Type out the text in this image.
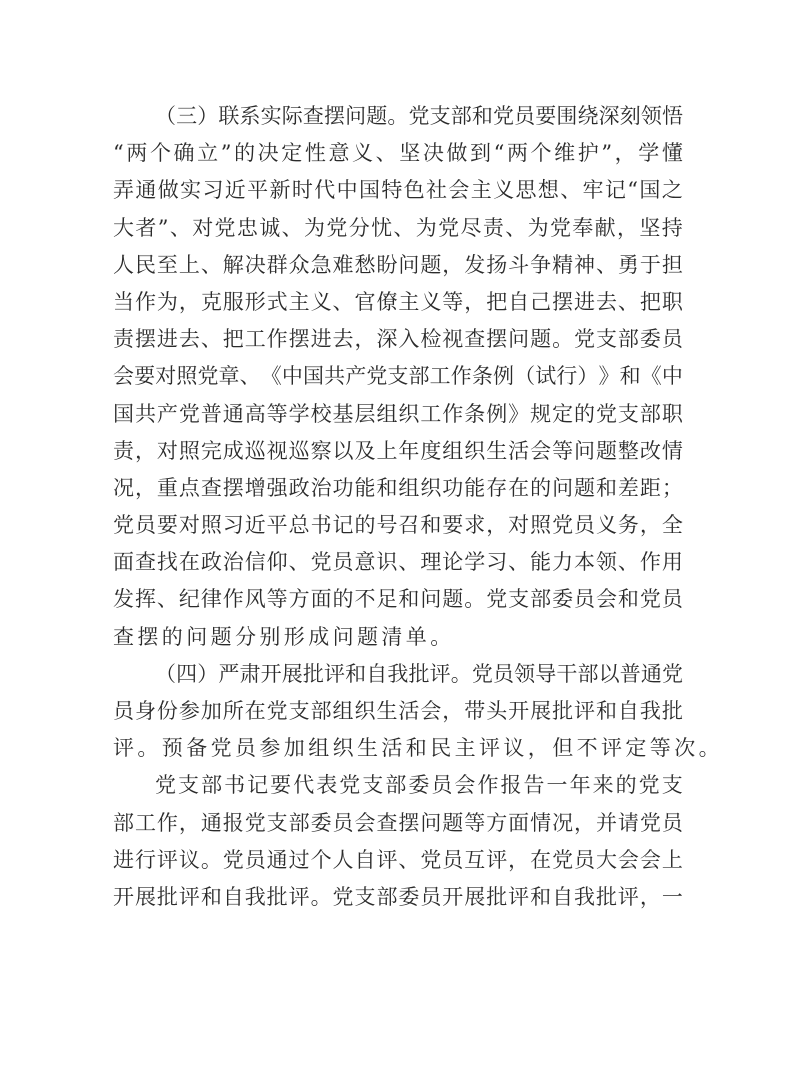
（ 三 ） 联 系 实 际 查 摆 问 题 。 党 支 部 和 党 员 要 围 绕 深 刻 领 悟
“ 两 个 确 立 ” 的 决 定 性 意 义 、 坚 决 做 到 “ 两 个 维 护 ” ， 学 懂
弄 通 做 实 习 近 平 新 时 代 中 国 特 色 社 会 主 义 思 想 、 牢 记 “ 国 之
大 者 ” 、 对 党 忠 诚 、 为 党 分 忧 、 为 党 尽 责 、 为 党 奉 献 ， 坚 持
人 民 至 上 、 解 决 群 众 急 难 愁 盼 问 题 ， 发 扬 斗 争 精 神 、 勇 于 担
当 作 为 ， 克 服 形 式 主 义 、 官 僚 主 义 等 ， 把 自 己 摆 进 去 、 把 职
责 摆 进 去 、 把 工 作 摆 进 去 ， 深 入 检 视 查 摆 问 题 。 党 支 部 委 员
会 要 对 照 党 章 、 《 中 国 共 产 党 支 部 工 作 条 例 （ 试 行 ） 》 和 《 中
国 共 产 党 普 通 高 等 学 校 基 层 组 织 工 作 条 例 》 规 定 的 党 支 部 职
责 ， 对 照 完 成 巡 视 巡 察 以 及 上 年 度 组 织 生 活 会 等 问 题 整 改 情
况 ， 重 点 查 摆 增 强 政 治 功 能 和 组 织 功 能 存 在 的 问 题 和 差 距 ；
党 员 要 对 照 习 近 平 总 书 记 的 号 召 和 要 求 ， 对 照 党 员 义 务 ， 全
面 查 找 在 政 治 信 仰 、 党 员 意 识 、 理 论 学 习 、 能 力 本 领 、 作 用
发 挥 、 纪 律 作 风 等 方 面 的 不 足 和 问 题 。 党 支 部 委 员 会 和 党 员
查摆的问题分别形成问题清单。
（ 四 ） 严 肃 开 展 批 评 和 自 我 批 评 。 党 员 领 导 干 部 以 普 通 党
员 身 份 参 加 所 在 党 支 部 组 织 生 活 会 ， 带 头 开 展 批 评 和 自 我 批
评。预备党员参加组织生活和民主评议，但不评定等次。
党 支 部 书 记 要 代 表 党 支 部 委 员 会 作 报 告 一 年 来 的 党 支
部 工 作 ， 通 报 党 支 部 委 员 会 查 摆 问 题 等 方 面 情 况 ， 并 请 党 员
进 行 评 议 。 党 员 通 过 个 人 自 评 、 党 员 互 评 ， 在 党 员 大 会 会 上
开 展 批 评 和 自 我 批 评 。 党 支 部 委 员 开 展 批 评 和 自 我 批 评 ， 一
